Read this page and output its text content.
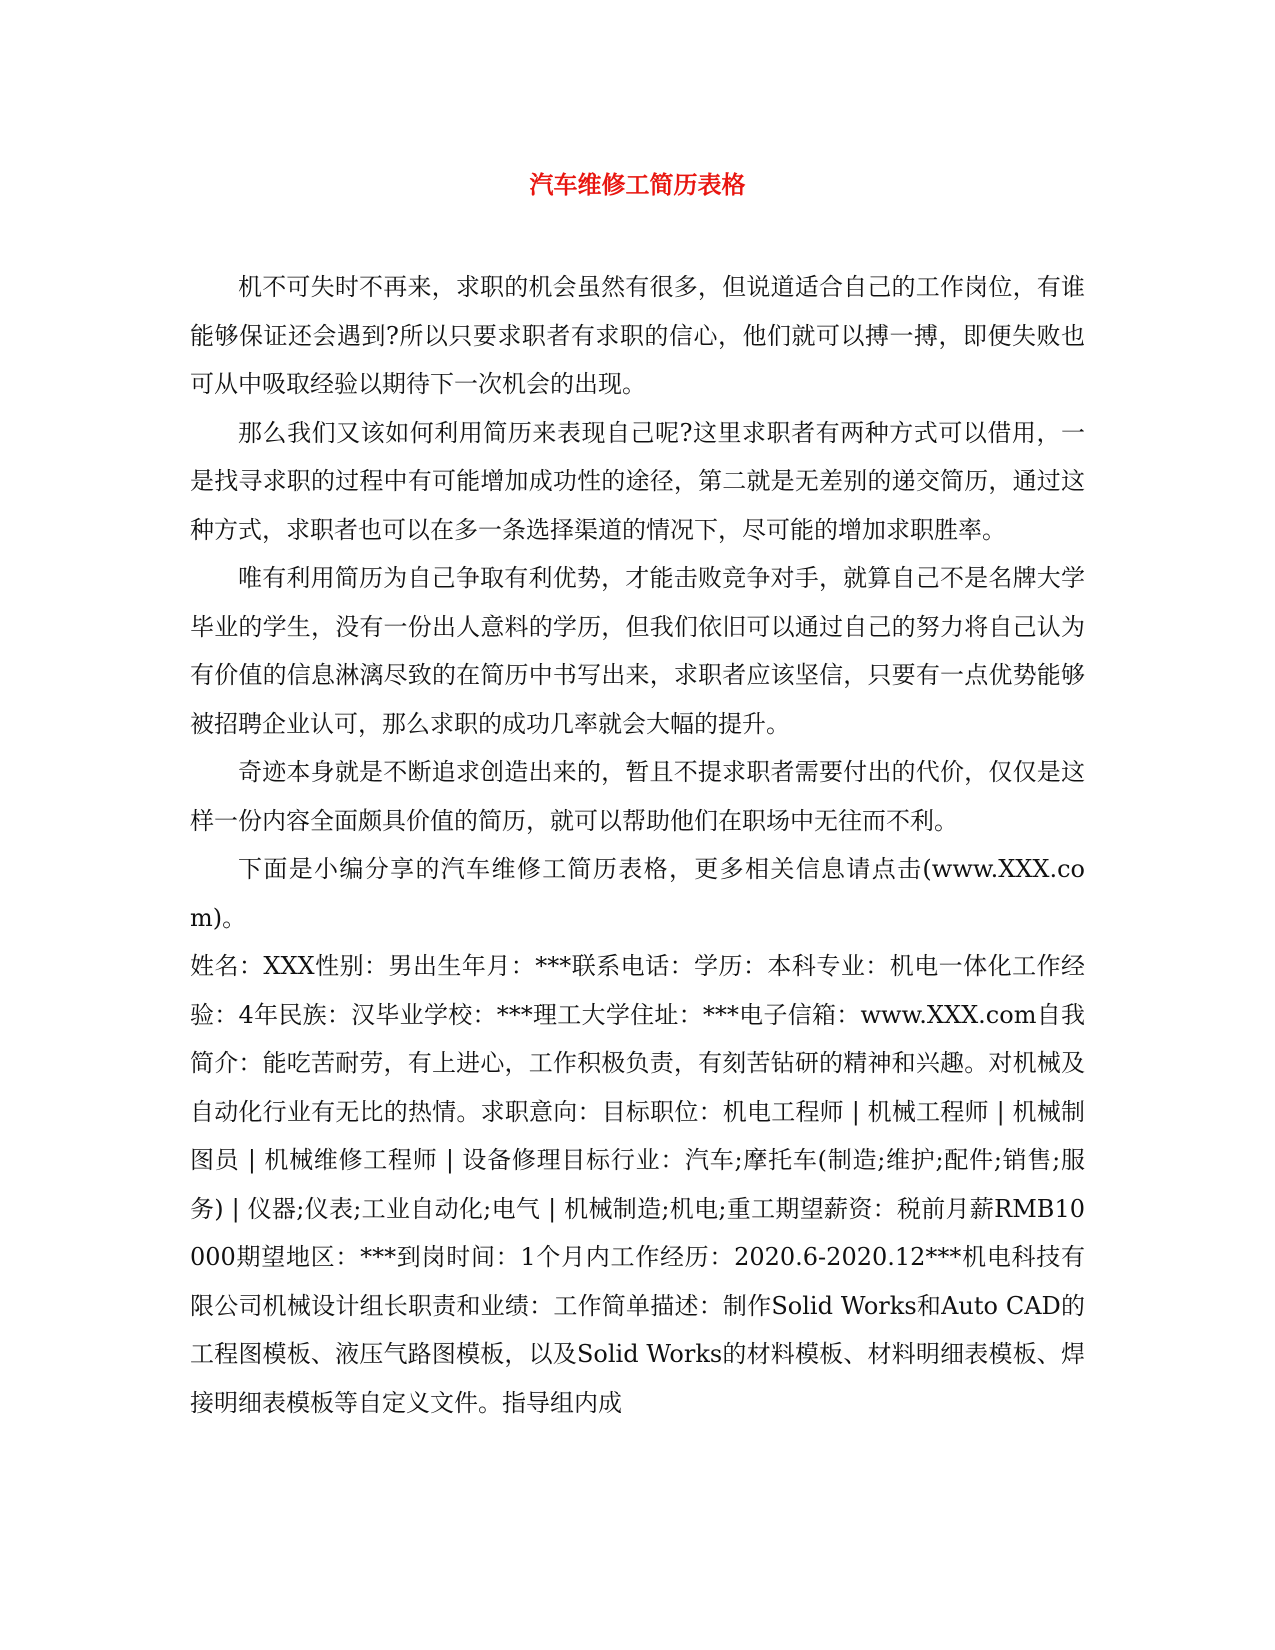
汽车维修工简历表格

机不可失时不再来，求职的机会虽然有很多，但说道适合自己的工作岗位，有谁能够保证还会遇到?所以只要求职者有求职的信心，他们就可以搏一搏，即便失败也可从中吸取经验以期待下一次机会的出现。

那么我们又该如何利用简历来表现自己呢?这里求职者有两种方式可以借用，一是找寻求职的过程中有可能增加成功性的途径，第二就是无差别的递交简历，通过这种方式，求职者也可以在多一条选择渠道的情况下，尽可能的增加求职胜率。

唯有利用简历为自己争取有利优势，才能击败竞争对手，就算自己不是名牌大学毕业的学生，没有一份出人意料的学历，但我们依旧可以通过自己的努力将自己认为有价值的信息淋漓尽致的在简历中书写出来，求职者应该坚信，只要有一点优势能够被招聘企业认可，那么求职的成功几率就会大幅的提升。

奇迹本身就是不断追求创造出来的，暂且不提求职者需要付出的代价，仅仅是这样一份内容全面颇具价值的简历，就可以帮助他们在职场中无往而不利。

下面是小编分享的汽车维修工简历表格，更多相关信息请点击(www.XXX.com)。

姓名：XXX性别：男出生年月：***联系电话：学历：本科专业：机电一体化工作经验：4年民族：汉毕业学校：***理工大学住址：***电子信箱：www.XXX.com自我简介：能吃苦耐劳，有上进心，工作积极负责，有刻苦钻研的精神和兴趣。对机械及自动化行业有无比的热情。求职意向：目标职位：机电工程师 | 机械工程师 | 机械制图员 | 机械维修工程师 | 设备修理目标行业：汽车;摩托车(制造;维护;配件;销售;服务) | 仪器;仪表;工业自动化;电气 | 机械制造;机电;重工期望薪资：税前月薪RMB10000期望地区：***到岗时间：1个月内工作经历：2020.6-2020.12***机电科技有限公司机械设计组长职责和业绩：工作简单描述：制作Solid Works和Auto CAD的工程图模板、液压气路图模板，以及Solid Works的材料模板、材料明细表模板、焊接明细表模板等自定义文件。指导组内成
